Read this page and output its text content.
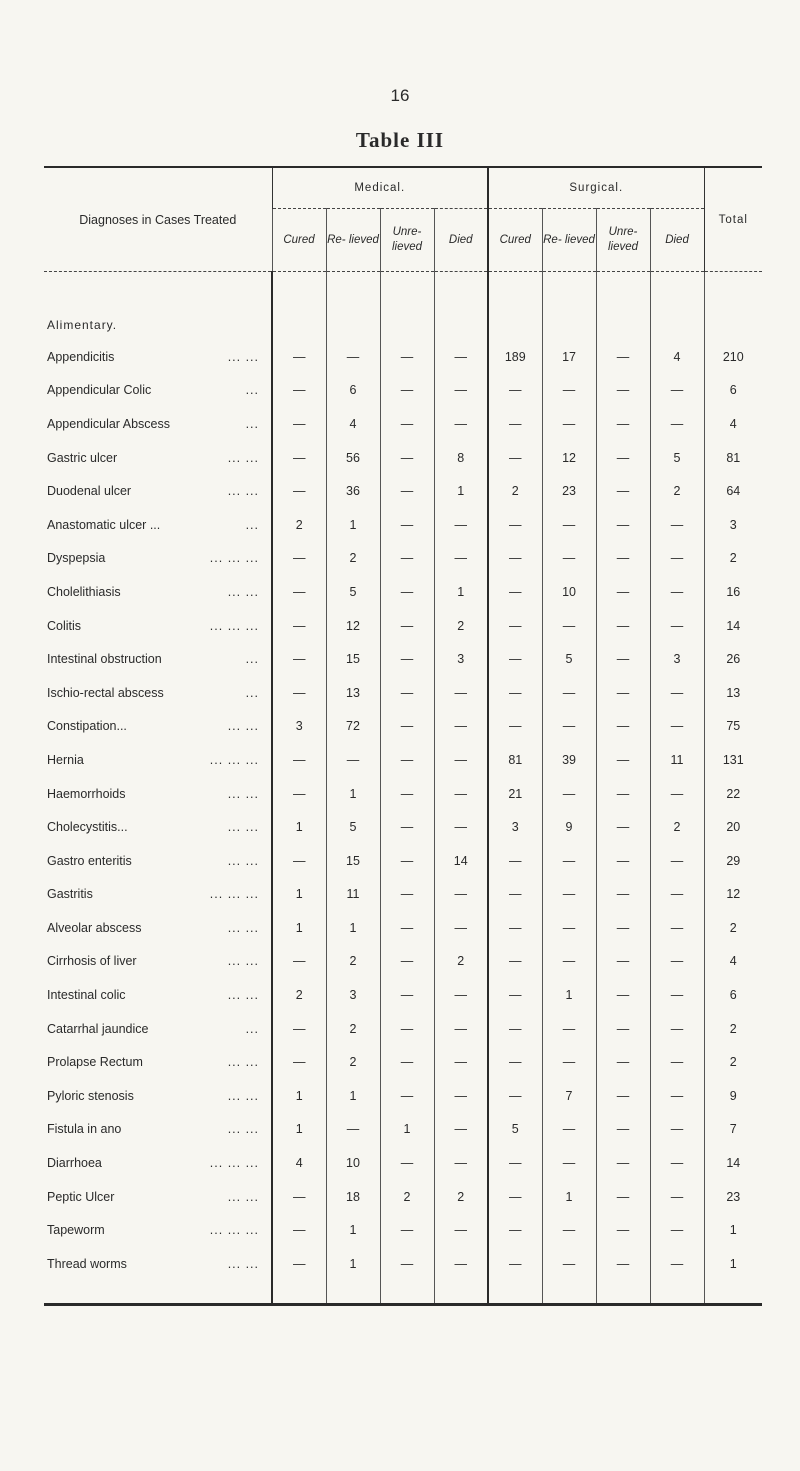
16
Table III
Diagnoses in Cases Treated	Medical.				Surgical.				Total
	Cured	Re- lieved	Unre- lieved	Died	Cured	Re- lieved	Unre- lieved	Died	
Alimentary.									
Appendicitis ... ...	—	—	—	—	189	17	—	4	210
Appendicular Colic ...	—	6	—	—	—	—	—	—	6
Appendicular Abscess ...	—	4	—	—	—	—	—	—	4
Gastric ulcer ... ...	—	56	—	8	—	12	—	5	81
Duodenal ulcer ... ...	—	36	—	1	2	23	—	2	64
Anastomatic ulcer ... ...	2	1	—	—	—	—	—	—	3
Dyspepsia ... ... ...	—	2	—	—	—	—	—	—	2
Cholelithiasis ... ...	—	5	—	1	—	10	—	—	16
Colitis ... ... ...	—	12	—	2	—	—	—	—	14
Intestinal obstruction ...	—	15	—	3	—	5	—	3	26
Ischio-rectal abscess ...	—	13	—	—	—	—	—	—	13
Constipation... ... ...	3	72	—	—	—	—	—	—	75
Hernia ... ... ...	—	—	—	—	81	39	—	11	131
Haemorrhoids ... ...	—	1	—	—	21	—	—	—	22
Cholecystitis... ... ...	1	5	—	—	3	9	—	2	20
Gastro enteritis ... ...	—	15	—	14	—	—	—	—	29
Gastritis ... ... ...	1	11	—	—	—	—	—	—	12
Alveolar abscess ... ...	1	1	—	—	—	—	—	—	2
Cirrhosis of liver ... ...	—	2	—	2	—	—	—	—	4
Intestinal colic ... ...	2	3	—	—	—	1	—	—	6
Catarrhal jaundice ...	—	2	—	—	—	—	—	—	2
Prolapse Rectum ... ...	—	2	—	—	—	—	—	—	2
Pyloric stenosis ... ...	1	1	—	—	—	7	—	—	9
Fistula in ano ... ...	1	—	1	—	5	—	—	—	7
Diarrhoea ... ... ...	4	10	—	—	—	—	—	—	14
Peptic Ulcer ... ...	—	18	2	2	—	1	—	—	23
Tapeworm ... ... ...	—	1	—	—	—	—	—	—	1
Thread worms ... ...	—	1	—	—	—	—	—	—	1
